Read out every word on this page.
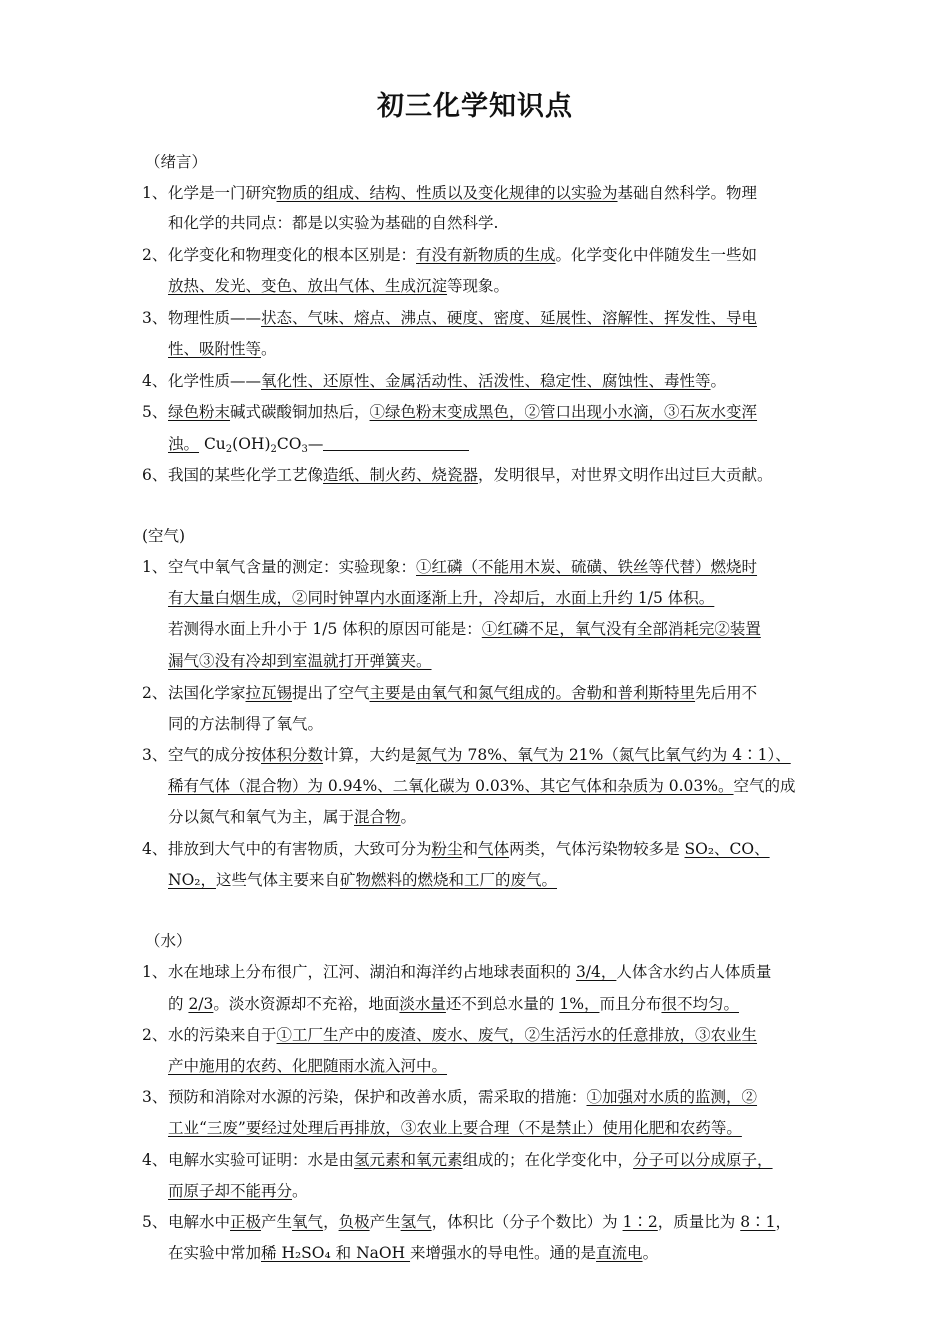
初三化学知识点
（绪言）
1、 化学是一门研究物质的组成、结构、性质以及变化规律的以实验为基础自然科学。物理
和化学的共同点：都是以实验为基础的自然科学.
2、 化学变化和物理变化的根本区别是：有没有新物质的生成。化学变化中伴随发生一些如
放热、发光、变色、放出气体、生成沉淀等现象。
3、 物理性质——状态、气味、熔点、沸点、硬度、密度、延展性、溶解性、挥发性、导电
性、吸附性等。
4、 化学性质——氧化性、还原性、金属活动性、活泼性、稳定性、腐蚀性、毒性等。
5、 绿色粉末碱式碳酸铜加热后，①绿色粉末变成黑色，②管口出现小水滴，③石灰水变浑
浊。 $Cu_2(OH)_2CO_3—$
6、 我国的某些化学工艺像造纸、制火药、烧瓷器，发明很早，对世界文明作出过巨大贡献。
(空气)
1、 空气中氧气含量的测定：实验现象：①红磷（不能用木炭、硫磺、铁丝等代替）燃烧时
有大量白烟生成，②同时钟罩内水面逐渐上升，冷却后，水面上升约 1/5 体积。
若测得水面上升小于 1/5 体积的原因可能是：①红磷不足，氧气没有全部消耗完②装置
漏气③没有冷却到室温就打开弹簧夹。
2、 法国化学家拉瓦锡提出了空气主要是由氧气和氮气组成的。舍勒和普利斯特里先后用不
同的方法制得了氧气。
3、 空气的成分按体积分数计算，大约是氮气为 78%、氧气为 21%（氮气比氧气约为 4∶1）、
稀有气体（混合物）为 0.94%、二氧化碳为 0.03%、其它气体和杂质为 0.03%。空气的成
分以氮气和氧气为主，属于混合物。
4、 排放到大气中的有害物质，大致可分为粉尘和气体两类，气体污染物较多是 SO₂、CO、
NO₂，这些气体主要来自矿物燃料的燃烧和工厂的废气。
（水）
1、 水在地球上分布很广，江河、湖泊和海洋约占地球表面积的 3/4，人体含水约占人体质量
的 2/3。淡水资源却不充裕，地面淡水量还不到总水量的 1%，而且分布很不均匀。
2、 水的污染来自于①工厂生产中的废渣、废水、废气，②生活污水的任意排放，③农业生
产中施用的农药、化肥随雨水流入河中。
3、 预防和消除对水源的污染，保护和改善水质，需采取的措施：①加强对水质的监测，②
工业“三废”要经过处理后再排放，③农业上要合理（不是禁止）使用化肥和农药等。
4、 电解水实验可证明：水是由氢元素和氧元素组成的；在化学变化中，分子可以分成原子，
而原子却不能再分。
5、 电解水中正极产生氧气，负极产生氢气，体积比（分子个数比）为 1∶2，质量比为 8∶1，
在实验中常加稀 H₂SO₄ 和 NaOH 来增强水的导电性。通的是直流电。
